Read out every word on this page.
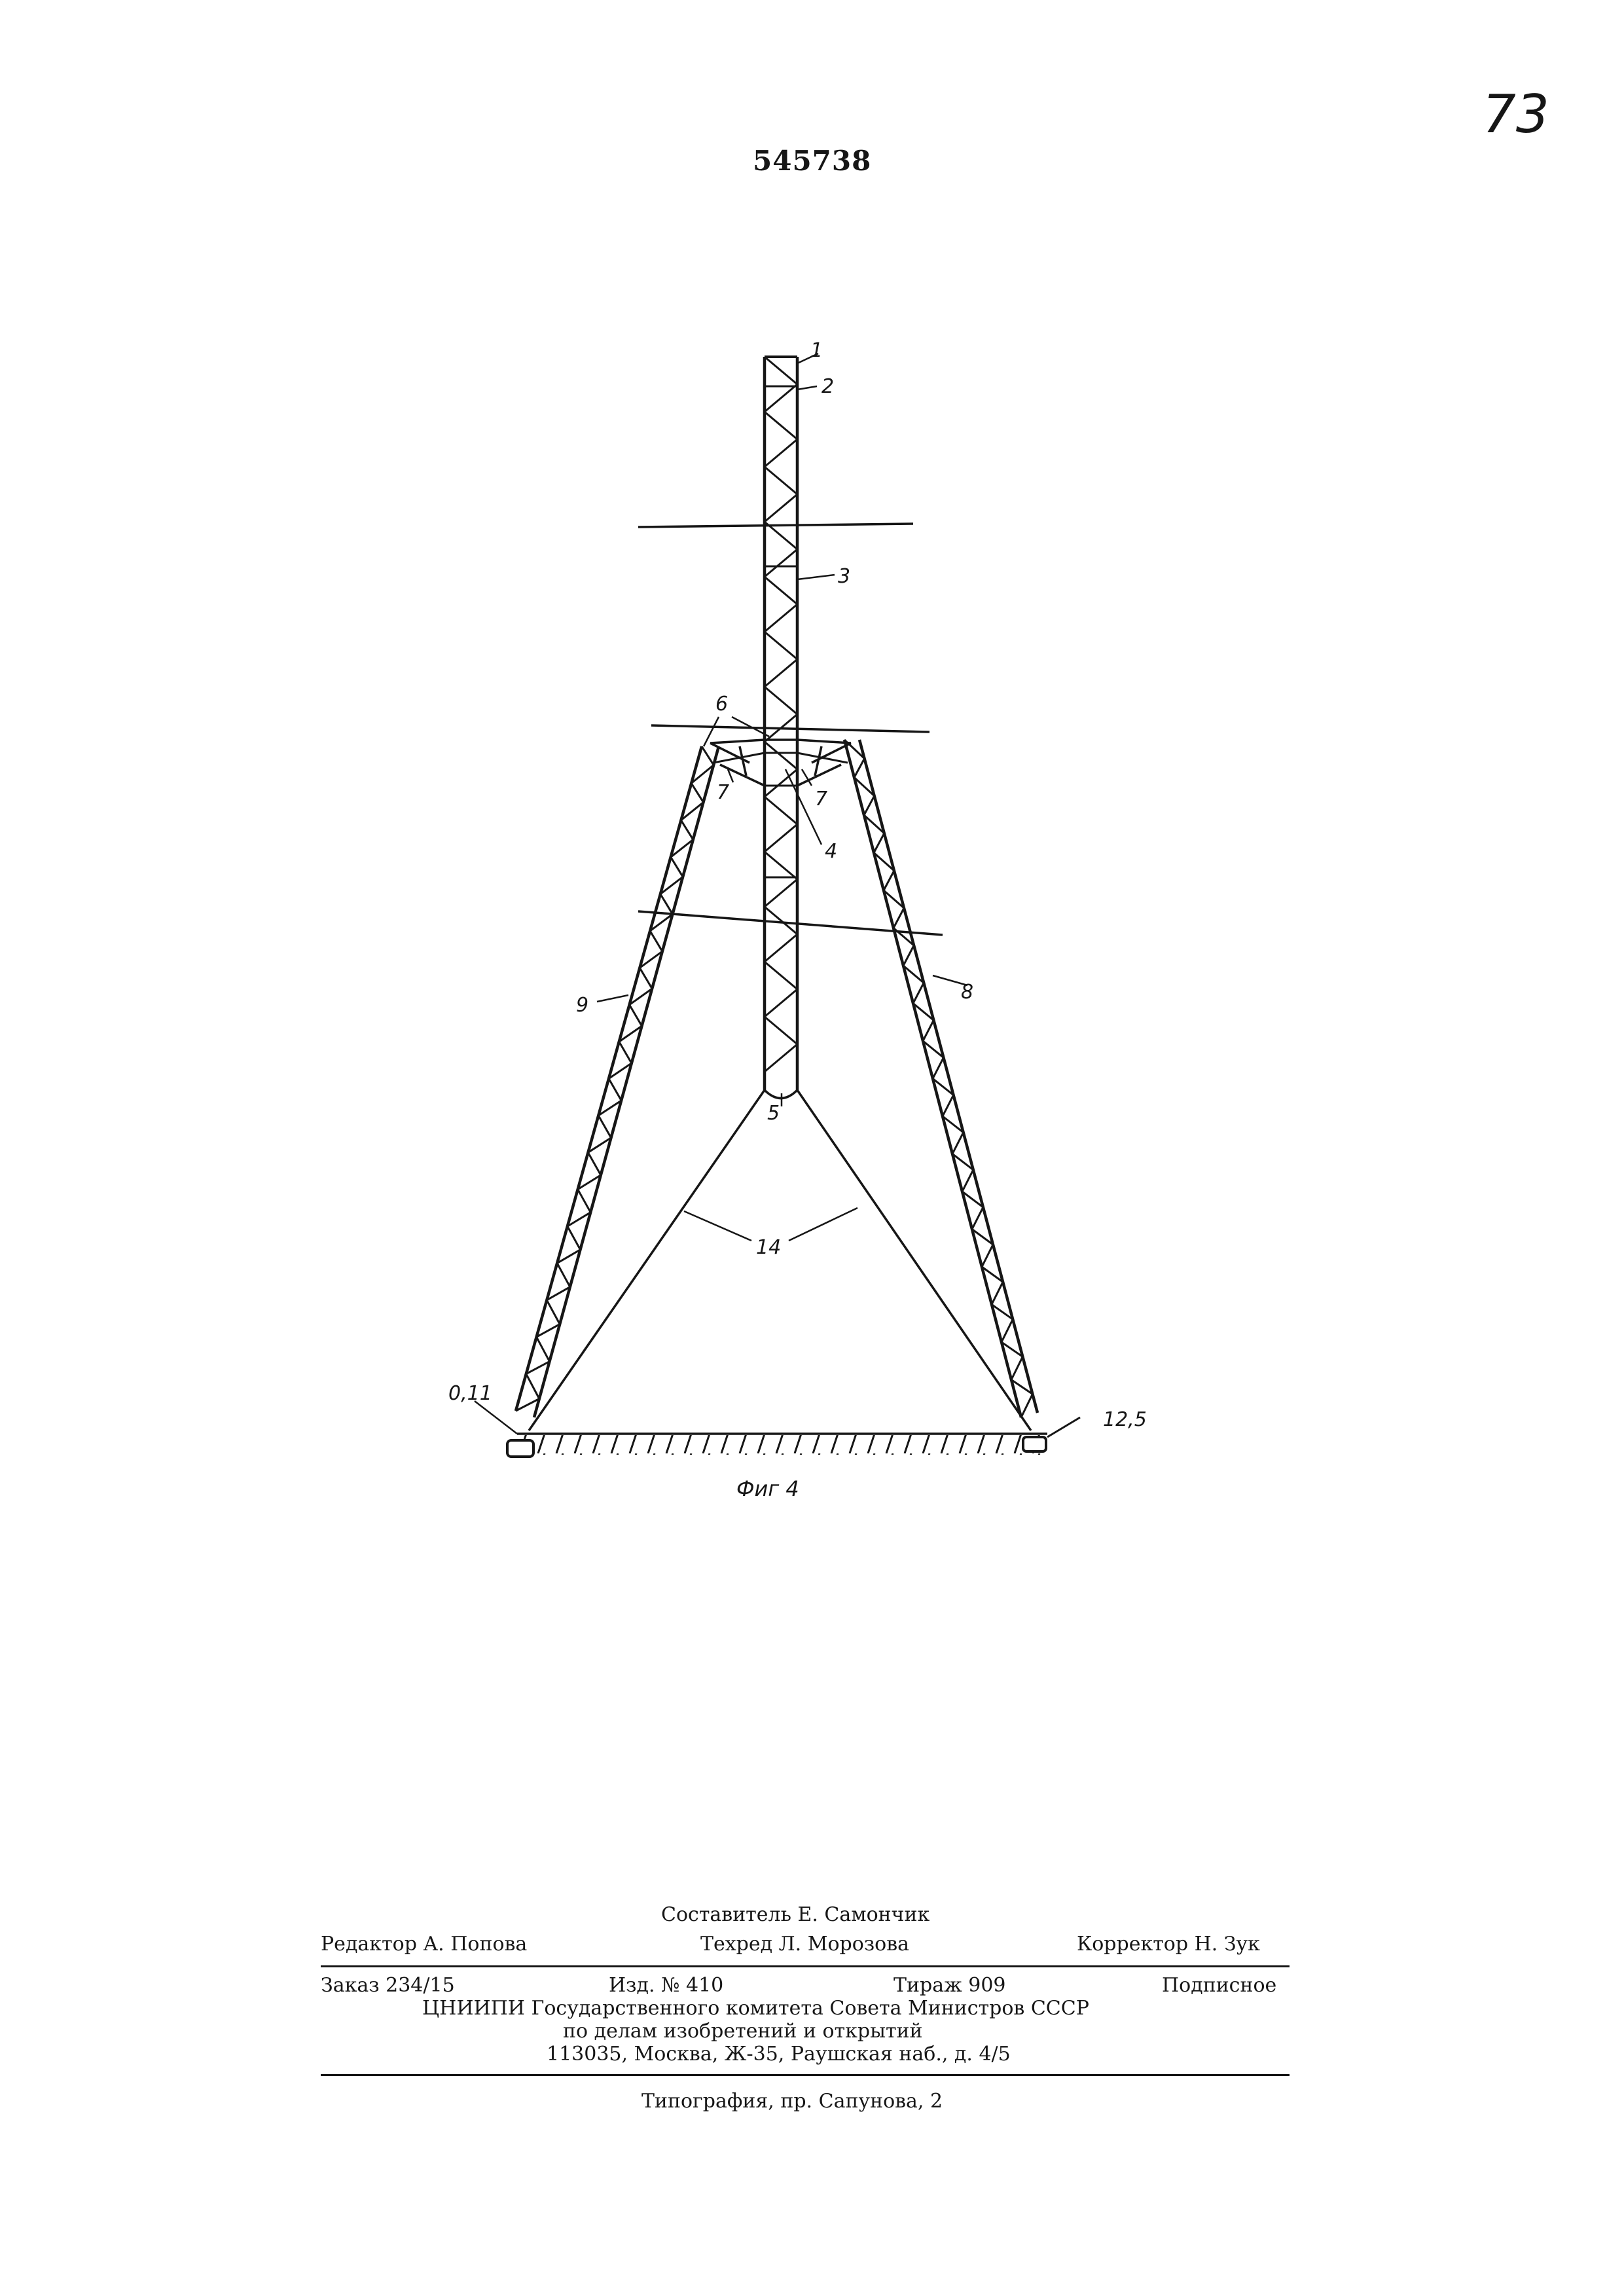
73
545738
1
2
3
6
7	7
4
8
9
5
14
0,11
12,5
Фиг 4
Составитель Е. Самончик
Редактор А. Попова	Техред Л. Морозова	Корректор Н. Зук
Заказ 234/15	Изд. № 410	Тираж 909	Подписное
ЦНИИПИ Государственного комитета Совета Министров СССР
по делам изобретений и открытий
113035, Москва, Ж-35, Раушская наб., д. 4/5
Типография, пр. Сапунова, 2
